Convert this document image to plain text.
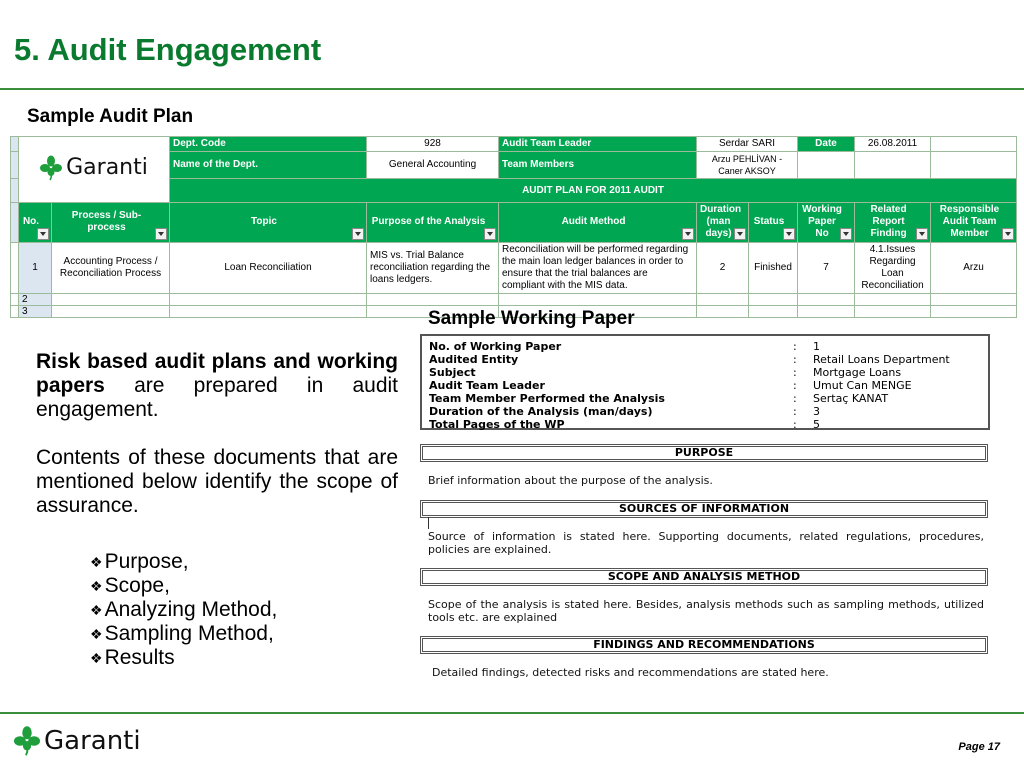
5. Audit Engagement
Sample Audit Plan

	Garanti		Dept. Code	928	Audit Team Leader	Serdar SARI		Date	26.08.2011	
			Name of the Dept.	General Accounting	Team Members	Arzu PEHLİVAN - Caner AKSOY				
			AUDIT PLAN FOR 2011 AUDIT							

	No.	Process / Sub-process	Topic	Purpose of the Analysis	Audit Method	Duration (man days)	Status	Working Paper No	Related Report Finding	Responsible Audit Team Member

	1	Accounting Process / Reconciliation Process	Loan Reconciliation	MIS vs. Trial Balance reconciliation regarding the loans ledgers.	Reconciliation will be performed regarding the main loan ledger balances in order to ensure that the trial balances are compliant with the MIS data.	2	Finished	7	4.1.Issues Regarding Loan Reconciliation	Arzu
	2									
	3									

Risk based audit plans and working papers are prepared in audit engagement.

Contents of these documents that are mentioned below identify the scope of assurance.

❖ Purpose,
❖ Scope,
❖ Analyzing Method,
❖ Sampling Method,
❖ Results
Sample Working Paper
No. of Working Paper	:	1
Audited Entity	:	Retail Loans Department
Subject	:	Mortgage Loans
Audit Team Leader	:	Umut Can MENGE
Team Member Performed the Analysis	:	Sertaç KANAT
Duration of the Analysis (man/days)	:	3
Total Pages of the WP	:	5
PURPOSE
Brief information about the purpose of the analysis.
SOURCES OF INFORMATION
Source of information is stated here. Supporting documents, related regulations, procedures, policies are explained.
SCOPE AND ANALYSIS METHOD
Scope of the analysis is stated here. Besides, analysis methods such as sampling methods, utilized tools etc. are explained
FINDINGS AND RECOMMENDATIONS
Detailed findings, detected risks and recommendations are stated here.
Garanti	Page 17
